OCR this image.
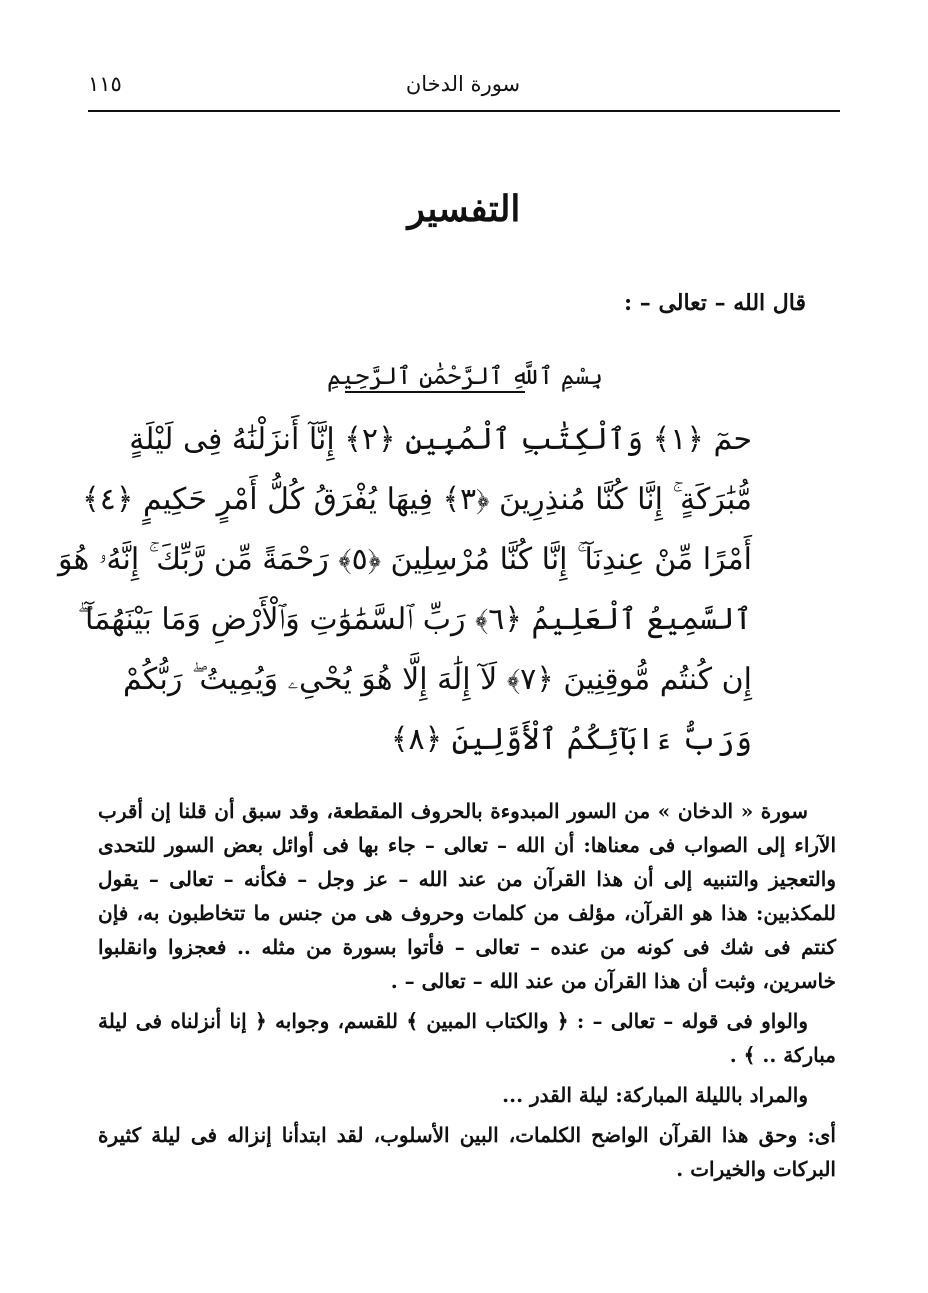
سورة الدخان
١١٥
التفسير
قال الله – تعالى – :
بِسْمِ ٱللَّهِ ٱلرَّحْمَٰنِ ٱلرَّحِيمِ
حمٓ ﴿١﴾ وَٱلْكِتَٰبِ ٱلْمُبِينِ ﴿٢﴾ إِنَّآ أَنزَلْنَٰهُ فِى لَيْلَةٍ
مُّبَٰرَكَةٍ ۚ إِنَّا كُنَّا مُنذِرِينَ ﴿٣﴾ فِيهَا يُفْرَقُ كُلُّ أَمْرٍ حَكِيمٍ ﴿٤﴾
أَمْرًا مِّنْ عِندِنَآ ۚ إِنَّا كُنَّا مُرْسِلِينَ ﴿٥﴾ رَحْمَةً مِّن رَّبِّكَ ۚ إِنَّهُۥ هُوَ
ٱلسَّمِيعُ ٱلْعَلِيمُ ﴿٦﴾ رَبِّ ٱلسَّمَٰوَٰتِ وَٱلْأَرْضِ وَمَا بَيْنَهُمَآ ۖ
إِن كُنتُم مُّوقِنِينَ ﴿٧﴾ لَآ إِلَٰهَ إِلَّا هُوَ يُحْىِۦ وَيُمِيتُ ۖ رَبُّكُمْ
وَرَبُّ ءَابَآئِكُمُ ٱلْأَوَّلِينَ ﴿٨﴾

سورة « الدخان » من السور المبدوءة بالحروف المقطعة، وقد سبق أن قلنا إن أقرب الآراء إلى الصواب فى معناها: أن الله – تعالى – جاء بها فى أوائل بعض السور للتحدى والتعجيز والتنبيه إلى أن هذا القرآن من عند الله – عز وجل – فكأنه – تعالى – يقول للمكذبين: هذا هو القرآن، مؤلف من كلمات وحروف هى من جنس ما تتخاطبون به، فإن كنتم فى شك فى كونه من عنده – تعالى – فأتوا بسورة من مثله .. فعجزوا وانقلبوا خاسرين، وثبت أن هذا القرآن من عند الله – تعالى – .

والواو فى قوله – تعالى – : ﴿ والكتاب المبين ﴾ للقسم، وجوابه ﴿ إنا أنزلناه فى ليلة مباركة .. ﴾ .

والمراد بالليلة المباركة: ليلة القدر ...

أى: وحق هذا القرآن الواضح الكلمات، البين الأسلوب، لقد ابتدأنا إنزاله فى ليلة كثيرة البركات والخيرات .
